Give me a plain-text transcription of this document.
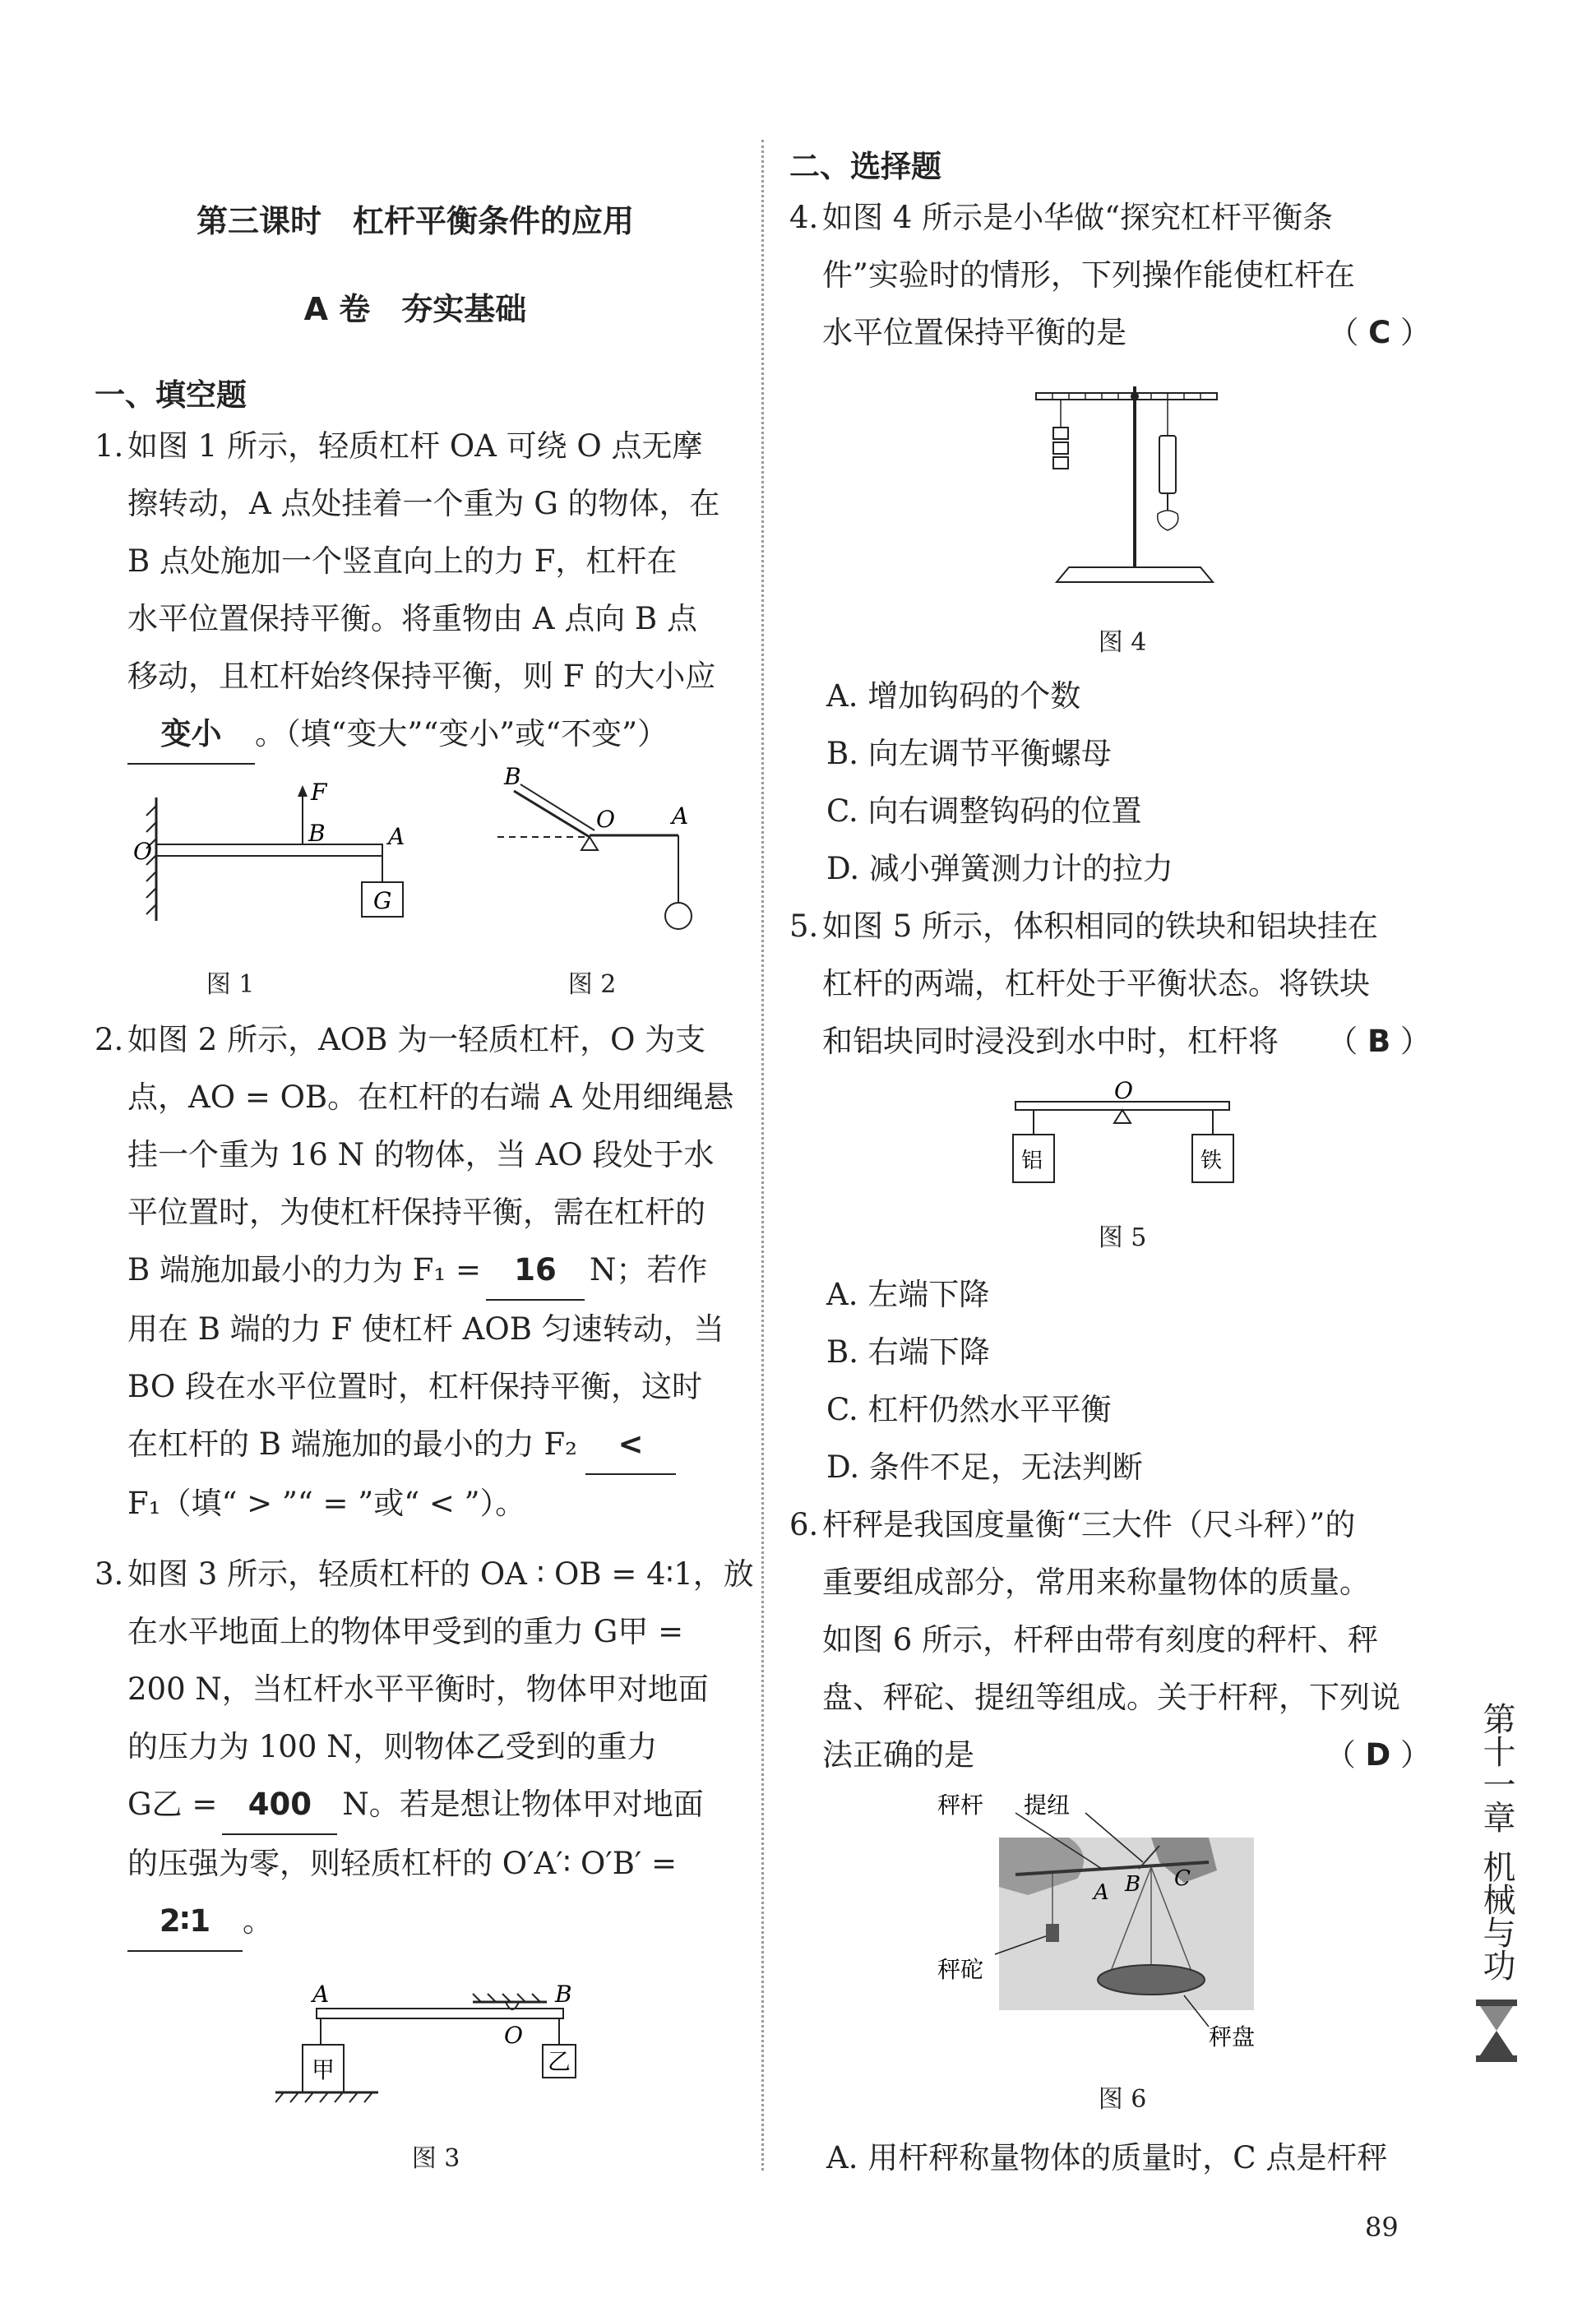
第三课时　杠杆平衡条件的应用
A 卷　夯实基础
一、填空题
1. 如图 1 所示，轻质杠杆 OA 可绕 O 点无摩
擦转动，A 点处挂着一个重为 G 的物体，在
B 点处施加一个竖直向上的力 F，杠杆在
水平位置保持平衡。将重物由 A 点向 B 点
移动，且杠杆始终保持平衡，则 F 的大小应
变小 。（填“变大”“变小”或“不变”）
F
B
O
A
G
图 1
B
O A
图 2
2. 如图 2 所示，AOB 为一轻质杠杆，O 为支
点，AO = OB。在杠杆的右端 A 处用细绳悬
挂一个重为 16 N 的物体，当 AO 段处于水
平位置时，为使杠杆保持平衡，需在杠杆的
B 端施加最小的力为 F₁ = 16 N；若作
用在 B 端的力 F 使杠杆 AOB 匀速转动，当
BO 段在水平位置时，杠杆保持平衡，这时
在杠杆的 B 端施加的最小的力 F₂ <
F₁（填“ > ”“ = ”或“ < ”）。
3. 如图 3 所示，轻质杠杆的 OA ∶ OB = 4∶1，放
在水平地面上的物体甲受到的重力 G甲 =
200 N，当杠杆水平平衡时，物体甲对地面
的压力为 100 N，则物体乙受到的重力
G乙 = 400 N。若是想让物体甲对地面
的压强为零，则轻质杠杆的 O′A′∶ O′B′ =
2∶1 。
A	B
O
甲	乙
图 3
二、选择题
4. 如图 4 所示是小华做“探究杠杆平衡条
件”实验时的情形，下列操作能使杠杆在
水平位置保持平衡的是	（ C ）
图 4
A. 增加钩码的个数
B. 向左调节平衡螺母
C. 向右调整钩码的位置
D. 减小弹簧测力计的拉力
5. 如图 5 所示，体积相同的铁块和铝块挂在
杠杆的两端，杠杆处于平衡状态。将铁块
和铝块同时浸没到水中时，杠杆将 （ B ）
O
铝	铁
图 5
A. 左端下降
B. 右端下降
C. 杠杆仍然水平平衡
D. 条件不足，无法判断
6. 杆秤是我国度量衡“三大件（尺斗秤）”的
重要组成部分，常用来称量物体的质量。
如图 6 所示，杆秤由带有刻度的秤杆、秤
盘、秤砣、提纽等组成。关于杆秤，下列说
法正确的是	（ D ）
秤杆 提纽
秤砣
秤盘
A B C
图 6
A. 用杆秤称量物体的质量时，C 点是杆秤
第十一章
机械与功
89
